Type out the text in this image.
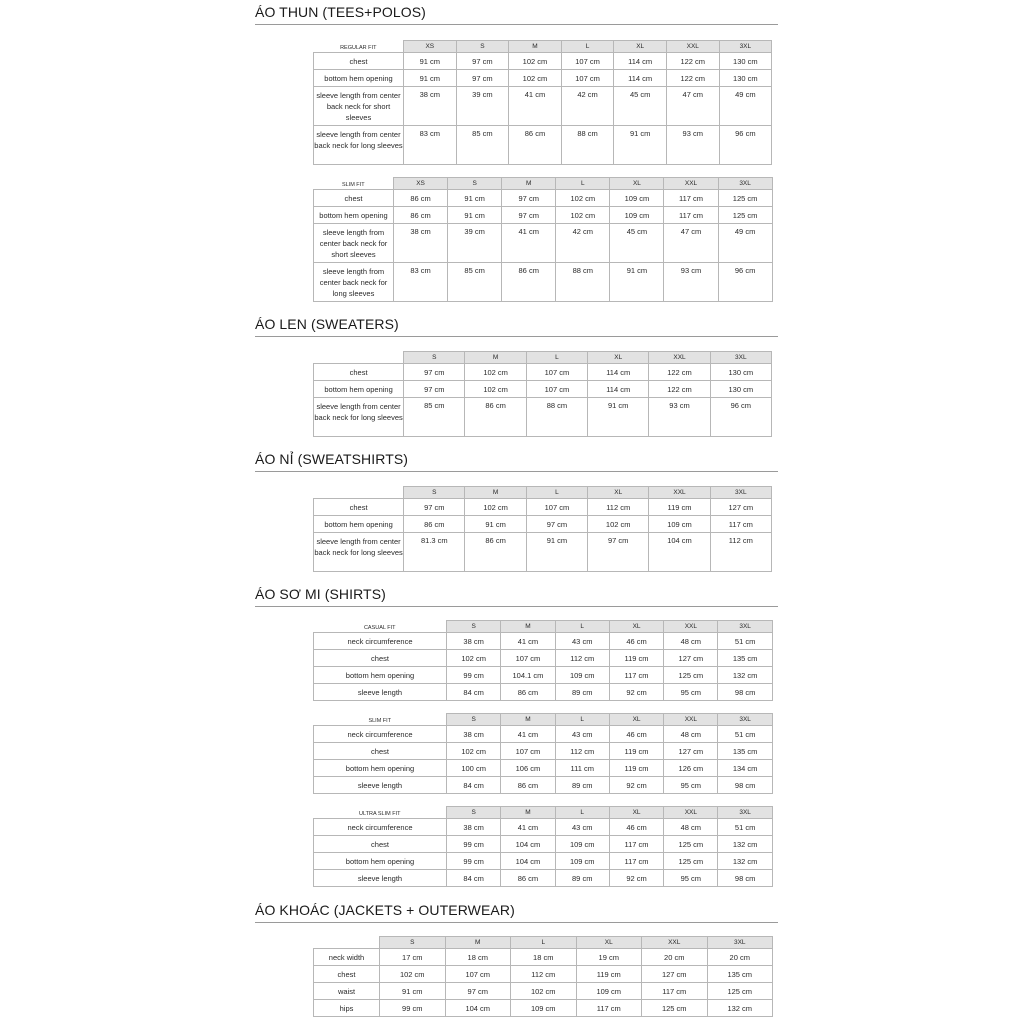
ÁO THUN (TEES+POLOS)
ÁO LEN (SWEATERS)
ÁO NỈ (SWEATSHIRTS)
ÁO SƠ MI (SHIRTS)
ÁO KHOÁC (JACKETS + OUTERWEAR)
REGULAR FIT	XS	S	M	L	XL	XXL	3XL
chest	91 cm	97 cm	102 cm	107 cm	114 cm	122 cm	130 cm
bottom hem opening	91 cm	97 cm	102 cm	107 cm	114 cm	122 cm	130 cm
sleeve length from center back neck for short sleeves	38 cm	39 cm	41 cm	42 cm	45 cm	47 cm	49 cm
sleeve length from center back neck for long sleeves	83 cm	85 cm	86 cm	88 cm	91 cm	93 cm	96 cm
SLIM FIT	XS	S	M	L	XL	XXL	3XL
chest	86 cm	91 cm	97 cm	102 cm	109 cm	117 cm	125 cm
bottom hem opening	86 cm	91 cm	97 cm	102 cm	109 cm	117 cm	125 cm
sleeve length from center back neck for short sleeves	38 cm	39 cm	41 cm	42 cm	45 cm	47 cm	49 cm
sleeve length from center back neck for long sleeves	83 cm	85 cm	86 cm	88 cm	91 cm	93 cm	96 cm
	S	M	L	XL	XXL	3XL
chest	97 cm	102 cm	107 cm	114 cm	122 cm	130 cm
bottom hem opening	97 cm	102 cm	107 cm	114 cm	122 cm	130 cm
sleeve length from center back neck for long sleeves	85 cm	86 cm	88 cm	91 cm	93 cm	96 cm
	S	M	L	XL	XXL	3XL
chest	97 cm	102 cm	107 cm	112 cm	119 cm	127 cm
bottom hem opening	86 cm	91 cm	97 cm	102 cm	109 cm	117 cm
sleeve length from center back neck for long sleeves	81.3 cm	86 cm	91 cm	97 cm	104 cm	112 cm
CASUAL FIT	S	M	L	XL	XXL	3XL
neck circumference	38 cm	41 cm	43 cm	46 cm	48 cm	51 cm
chest	102 cm	107 cm	112 cm	119 cm	127 cm	135 cm
bottom hem opening	99 cm	104.1 cm	109 cm	117 cm	125 cm	132 cm
sleeve length	84 cm	86 cm	89 cm	92 cm	95 cm	98 cm
SLIM FIT	S	M	L	XL	XXL	3XL
neck circumference	38 cm	41 cm	43 cm	46 cm	48 cm	51 cm
chest	102 cm	107 cm	112 cm	119 cm	127 cm	135 cm
bottom hem opening	100 cm	106 cm	111 cm	119 cm	126 cm	134 cm
sleeve length	84 cm	86 cm	89 cm	92 cm	95 cm	98 cm
ULTRA SLIM FIT	S	M	L	XL	XXL	3XL
neck circumference	38 cm	41 cm	43 cm	46 cm	48 cm	51 cm
chest	99 cm	104 cm	109 cm	117 cm	125 cm	132 cm
bottom hem opening	99 cm	104 cm	109 cm	117 cm	125 cm	132 cm
sleeve length	84 cm	86 cm	89 cm	92 cm	95 cm	98 cm
	S	M	L	XL	XXL	3XL
neck width	17 cm	18 cm	18 cm	19 cm	20 cm	20 cm
chest	102 cm	107 cm	112 cm	119 cm	127 cm	135 cm
waist	91 cm	97 cm	102 cm	109 cm	117 cm	125 cm
hips	99 cm	104 cm	109 cm	117 cm	125 cm	132 cm
